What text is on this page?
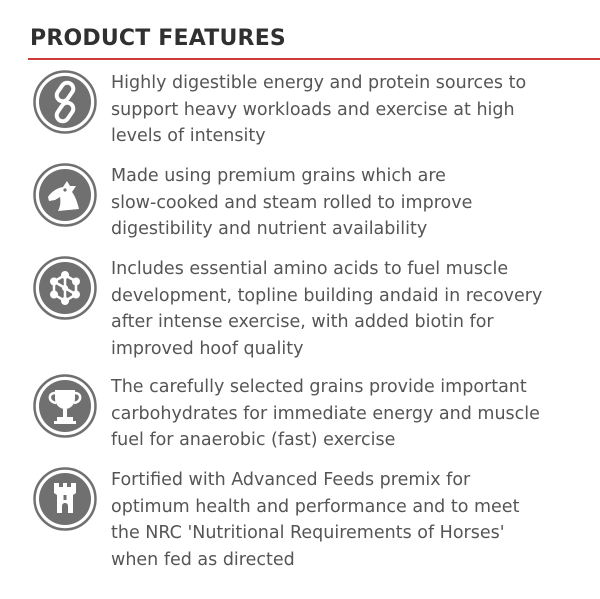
PRODUCT FEATURES
Highly digestible energy and protein sources to
support heavy workloads and exercise at high
levels of intensity
Made using premium grains which are
slow-cooked and steam rolled to improve
digestibility and nutrient availability
Includes essential amino acids to fuel muscle
development, topline building andaid in recovery
after intense exercise, with added biotin for
improved hoof quality
The carefully selected grains provide important
carbohydrates for immediate energy and muscle
fuel for anaerobic (fast) exercise
Fortified with Advanced Feeds premix for
optimum health and performance and to meet
the NRC 'Nutritional Requirements of Horses'
when fed as directed
